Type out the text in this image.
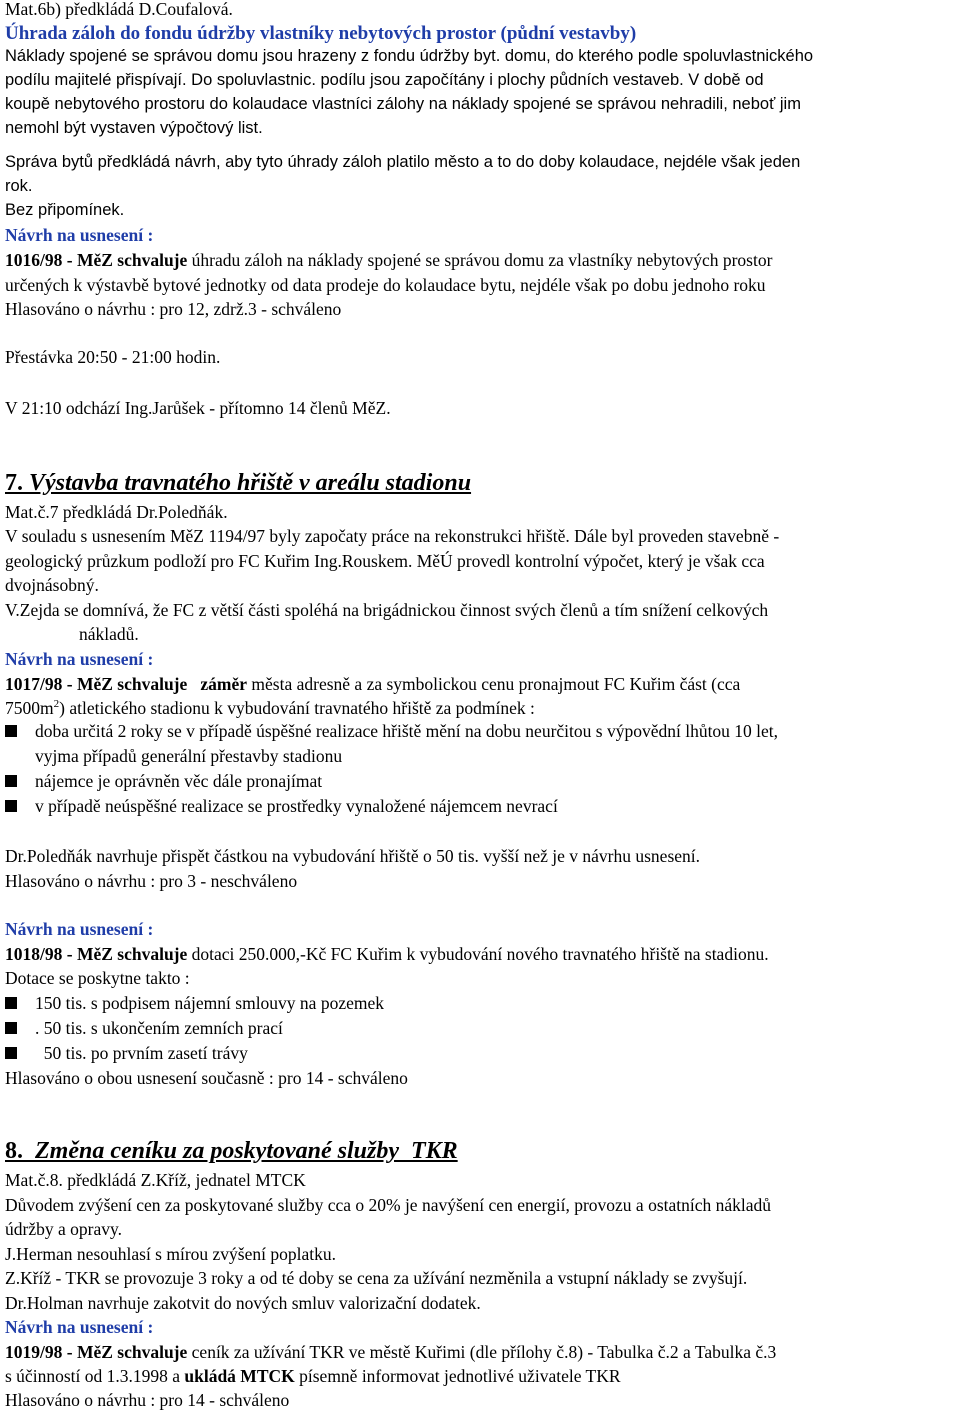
Mat.6b) předkládá D.Coufalová.
Úhrada záloh do fondu údržby vlastníky nebytových prostor (půdní vestavby)
Náklady spojené se správou domu jsou hrazeny z fondu údržby byt. domu, do kterého podle spoluvlastnického
podílu majitelé přispívají. Do spoluvlastnic. podílu jsou započítány i plochy půdních vestaveb. V době od
koupě nebytového prostoru do kolaudace vlastníci zálohy na náklady spojené se správou nehradili, neboť jim
nemohl být vystaven výpočtový list.
Správa bytů předkládá návrh, aby tyto úhrady záloh platilo město a to do doby kolaudace, nejdéle však jeden
rok.
Bez připomínek.
Návrh na usnesení :
1016/98 - MěZ schvaluje úhradu záloh na náklady spojené se správou domu za vlastníky nebytových prostor
určených k výstavbě bytové jednotky od data prodeje do kolaudace bytu, nejdéle však po dobu jednoho roku
Hlasováno o návrhu : pro 12, zdrž.3 - schváleno
Přestávka 20:50 - 21:00 hodin.
V 21:10 odchází Ing.Jarůšek - přítomno 14 členů MěZ.
7. Výstavba travnatého hřiště v areálu stadionu
Mat.č.7 předkládá Dr.Poledňák.
V souladu s usnesením MěZ 1194/97 byly započaty práce na rekonstrukci hřiště. Dále byl proveden stavebně -
geologický průzkum podloží pro FC Kuřim Ing.Rouskem. MěÚ provedl kontrolní výpočet, který je však cca
dvojnásobný.
V.Zejda se domnívá, že FC z větší části spoléhá na brigádnickou činnost svých členů a tím snížení celkových
nákladů.
Návrh na usnesení :
1017/98 - MěZ schvaluje záměr města adresně a za symbolickou cenu pronajmout FC Kuřim část (cca
$7500m^2$) atletického stadionu k vybudování travnatého hřiště za podmínek :
doba určitá 2 roky se v případě úspěšné realizace hřiště mění na dobu neurčitou s výpovědní lhůtou 10 let,
vyjma případů generální přestavby stadionu
nájemce je oprávněn věc dále pronajímat
v případě neúspěšné realizace se prostředky vynaložené nájemcem nevrací
Dr.Poledňák navrhuje přispět částkou na vybudování hřiště o 50 tis. vyšší než je v návrhu usnesení.
Hlasováno o návrhu : pro 3 - neschváleno
Návrh na usnesení :
1018/98 - MěZ schvaluje dotaci 250.000,-Kč FC Kuřim k vybudování nového travnatého hřiště na stadionu.
Dotace se poskytne takto :
150 tis. s podpisem nájemní smlouvy na pozemek
. 50 tis. s ukončením zemních prací
50 tis. po prvním zasetí trávy
Hlasováno o obou usnesení současně : pro 14 - schváleno
8.  Změna ceníku za poskytované služby  TKR
Mat.č.8. předkládá Z.Kříž, jednatel MTCK
Důvodem zvýšení cen za poskytované služby cca o 20% je navýšení cen energií, provozu a ostatních nákladů
údržby a opravy.
J.Herman nesouhlasí s mírou zvýšení poplatku.
Z.Kříž - TKR se provozuje 3 roky a od té doby se cena za užívání nezměnila a vstupní náklady se zvyšují.
Dr.Holman navrhuje zakotvit do nových smluv valorizační dodatek.
Návrh na usnesení :
1019/98 - MěZ schvaluje ceník za užívání TKR ve městě Kuřimi (dle přílohy č.8) - Tabulka č.2 a Tabulka č.3
s účinností od 1.3.1998 a ukládá MTCK písemně informovat jednotlivé uživatele TKR
Hlasováno o návrhu : pro 14 - schváleno
